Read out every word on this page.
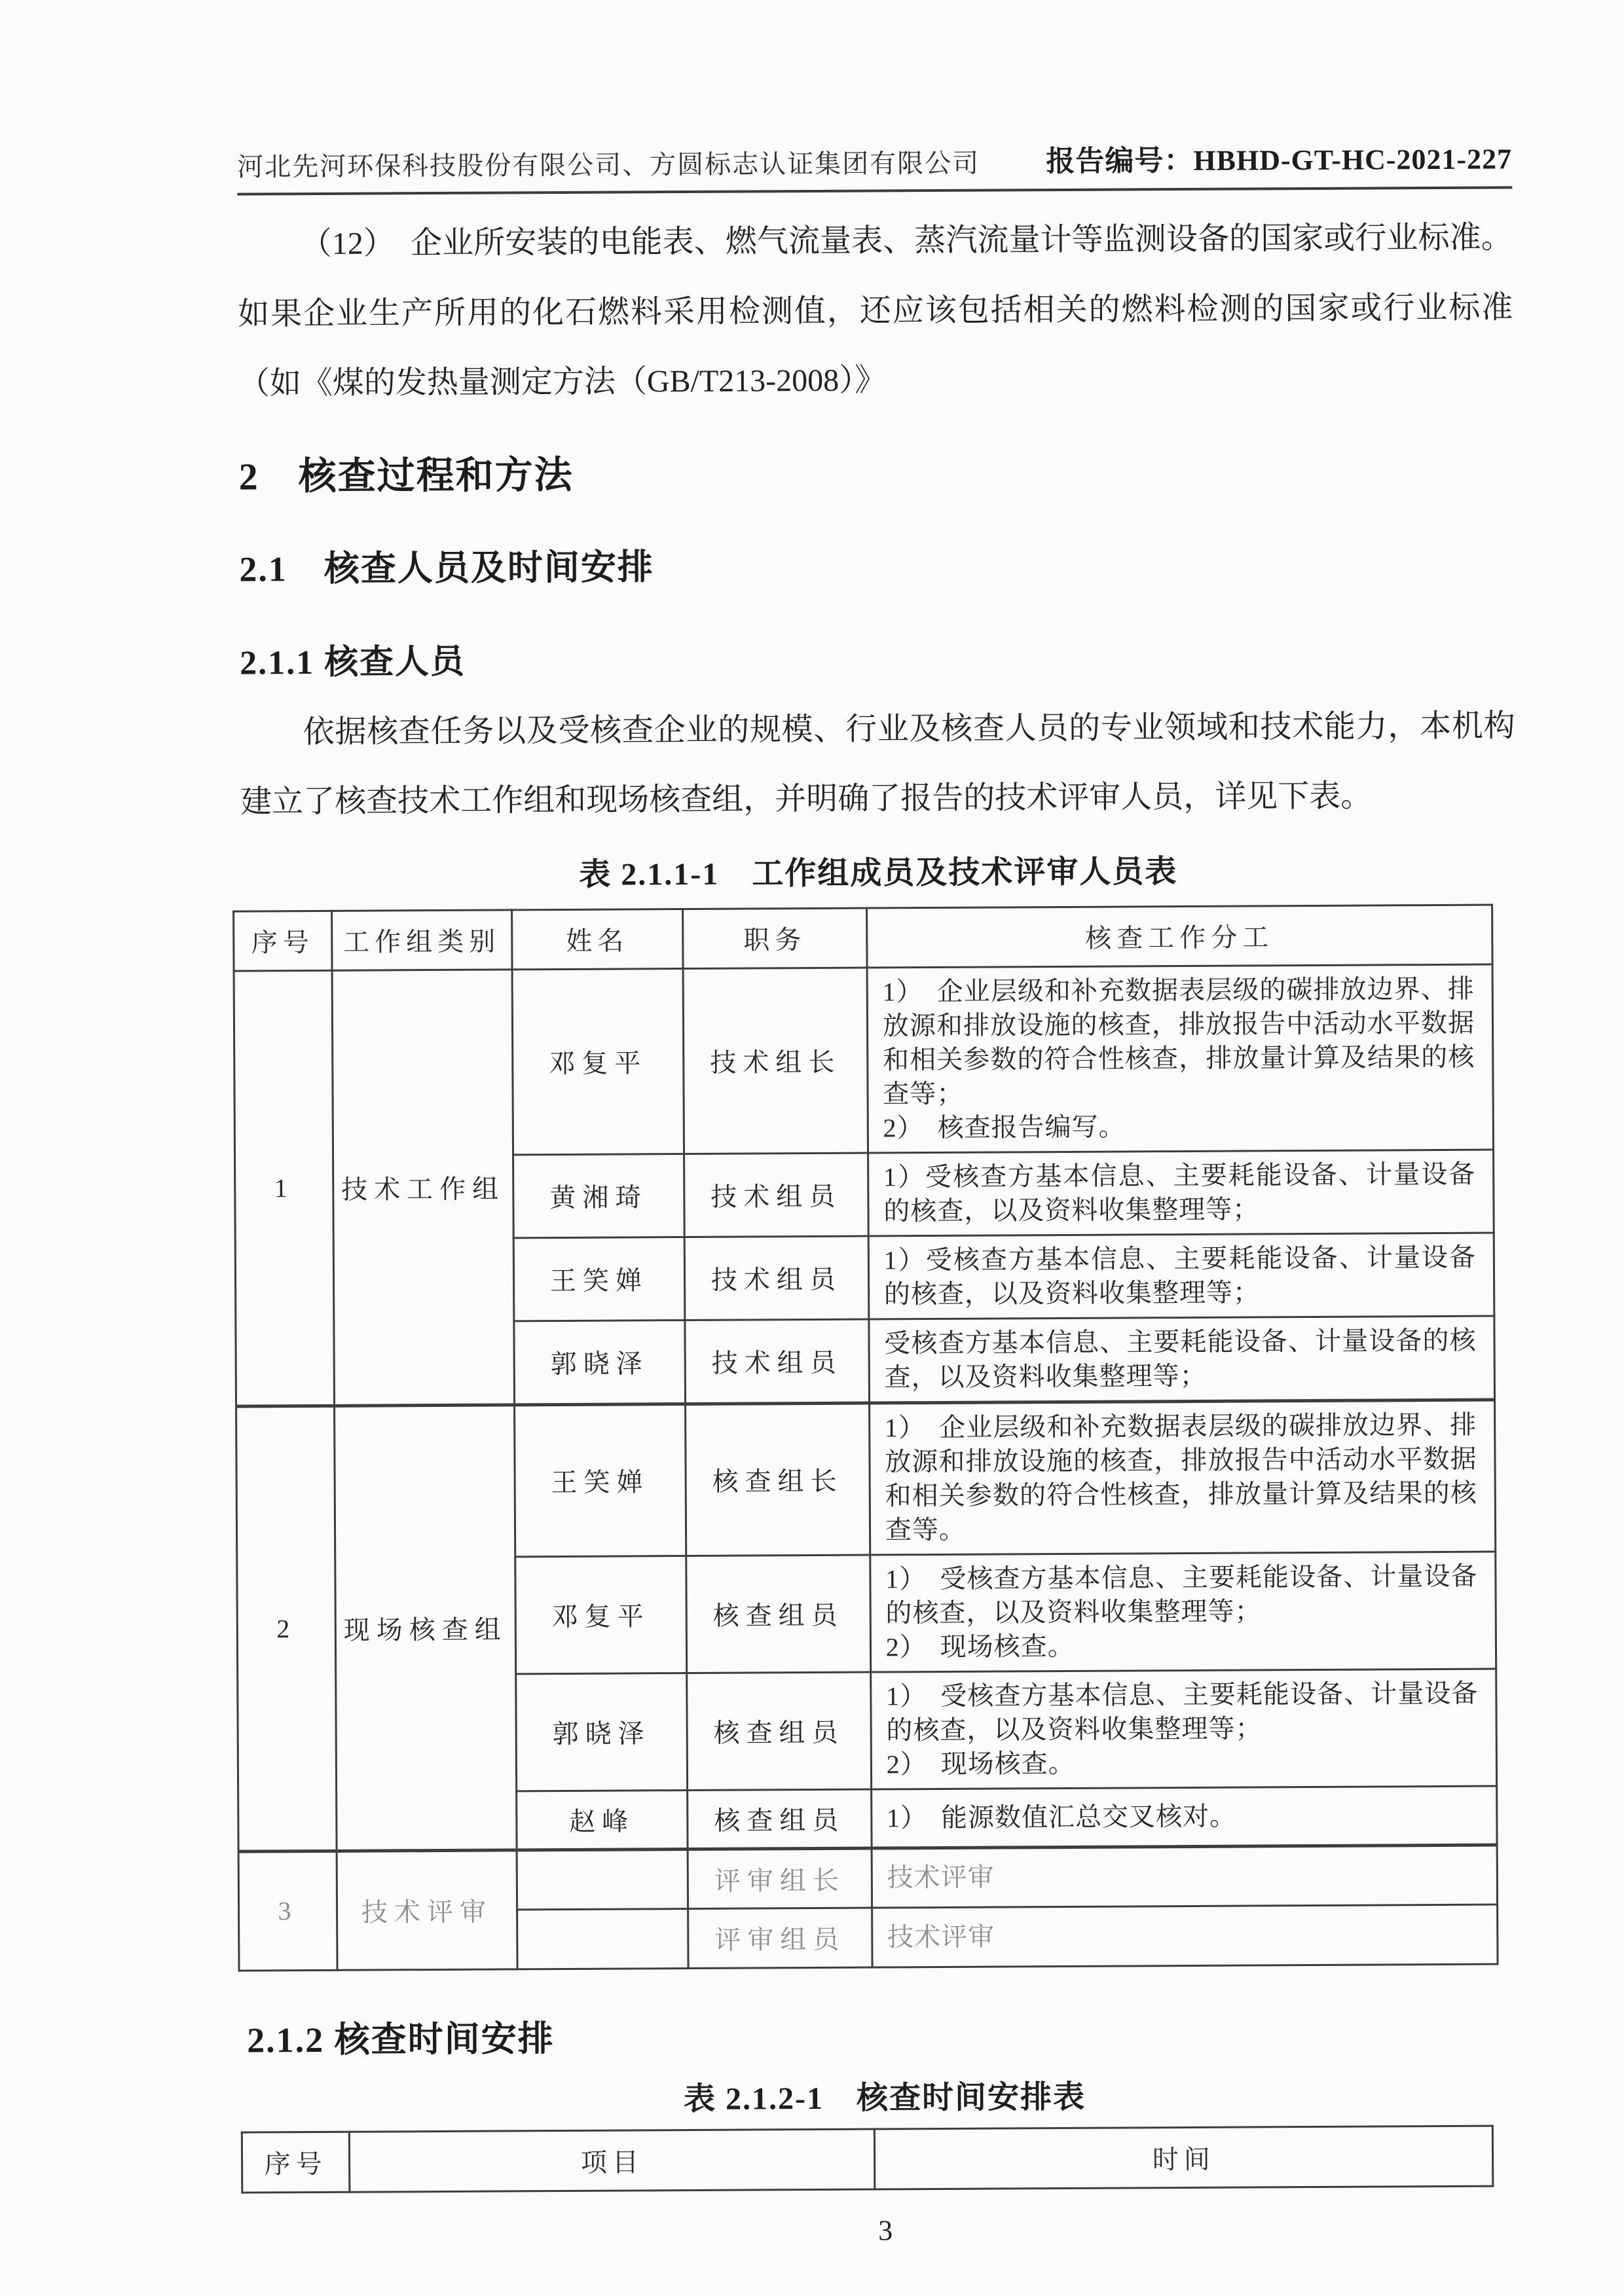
河北先河环保科技股份有限公司、方圆标志认证集团有限公司 报告编号：HBHD-GT-HC-2021-227

（12）　企业所安装的电能表、燃气流量表、蒸汽流量计等监测设备的国家或行业标准。如果企业生产所用的化石燃料采用检测值，还应该包括相关的燃料检测的国家或行业标准（如《煤的发热量测定方法（GB/T213-2008）》

2　核查过程和方法
2.1　核查人员及时间安排
2.1.1 核查人员

依据核查任务以及受核查企业的规模、行业及核查人员的专业领域和技术能力，本机构建立了核查技术工作组和现场核查组，并明确了报告的技术评审人员，详见下表。

表 2.1.1-1　工作组成员及技术评审人员表
序号	工作组类别	姓名	职务	核查工作分工
1	技术工作组	邓复平	技术组长	1）　企业层级和补充数据表层级的碳排放边界、排放源和排放设施的核查，排放报告中活动水平数据和相关参数的符合性核查，排放量计算及结果的核查等；
2）　核查报告编写。

		黄湘琦	技术组员	1）受核查方基本信息、主要耗能设备、计量设备的核查，以及资料收集整理等；

		王笑婵	技术组员	1）受核查方基本信息、主要耗能设备、计量设备的核查，以及资料收集整理等；

		郭晓泽	技术组员	受核查方基本信息、主要耗能设备、计量设备的核查，以及资料收集整理等；

2	现场核查组	王笑婵	核查组长	1）　企业层级和补充数据表层级的碳排放边界、排放源和排放设施的核查，排放报告中活动水平数据和相关参数的符合性核查，排放量计算及结果的核查等。

		邓复平	核查组员	1）　受核查方基本信息、主要耗能设备、计量设备的核查，以及资料收集整理等；
2）　现场核查。

		郭晓泽	核查组员	1）　受核查方基本信息、主要耗能设备、计量设备的核查，以及资料收集整理等；
2）　现场核查。

		赵峰	核查组员	1）　能源数值汇总交叉核对。

3	技术评审		评审组长	技术评审

			评审组员	技术评审
2.1.2 核查时间安排
表 2.1.2-1　核查时间安排表
序号	项目	时间
3
